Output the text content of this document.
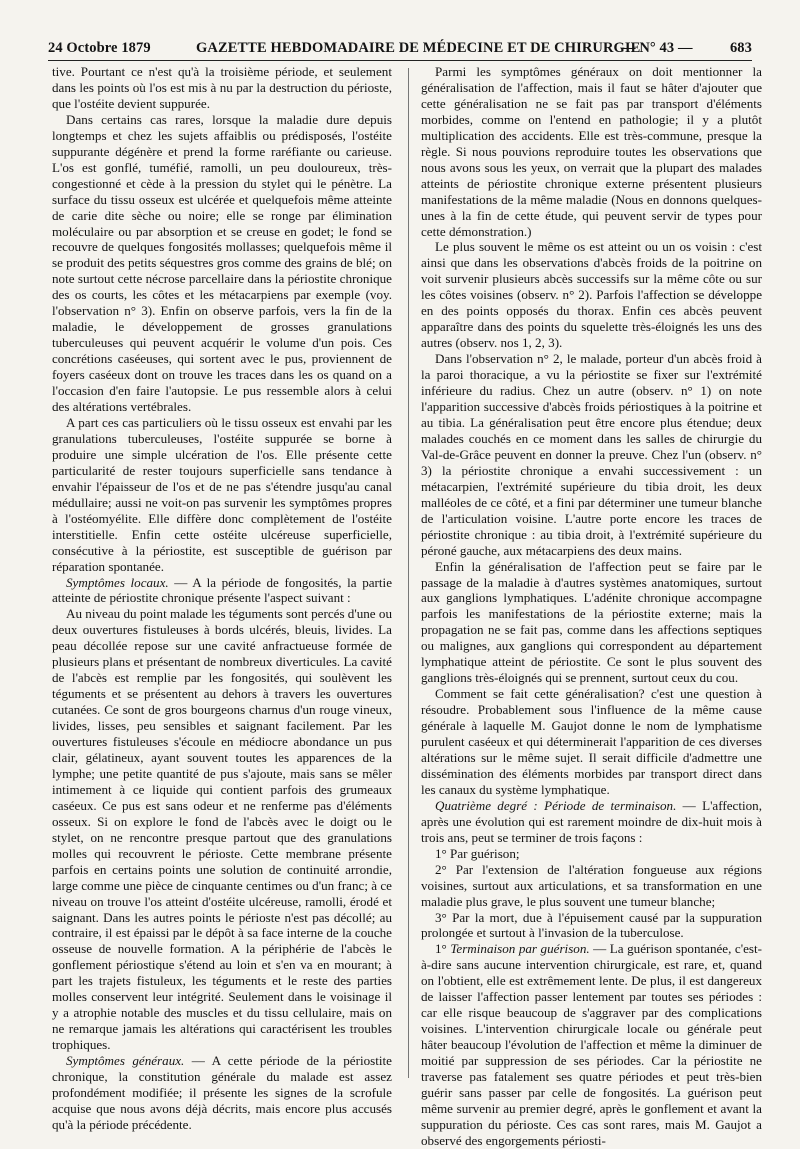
24 Octobre 1879	GAZETTE HEBDOMADAIRE DE MÉDECINE ET DE CHIRURGIE
— N° 43 —	683

tive. Pourtant ce n'est qu'à la troisième période, et seulement dans les points où l'os est mis à nu par la destruction du périoste, que l'ostéite devient suppurée.

Dans certains cas rares, lorsque la maladie dure depuis longtemps et chez les sujets affaiblis ou prédisposés, l'ostéite suppurante dégénère et prend la forme raréfiante ou carieuse. L'os est gonflé, tuméfié, ramolli, un peu douloureux, très-congestionné et cède à la pression du stylet qui le pénètre. La surface du tissu osseux est ulcérée et quelquefois même atteinte de carie dite sèche ou noire; elle se ronge par élimination moléculaire ou par absorption et se creuse en godet; le fond se recouvre de quelques fongosités mollasses; quelquefois même il se produit des petits séquestres gros comme des grains de blé; on note surtout cette nécrose parcellaire dans la périostite chronique des os courts, les côtes et les métacarpiens par exemple (voy. l'observation n° 3). Enfin on observe parfois, vers la fin de la maladie, le développement de grosses granulations tuberculeuses qui peuvent acquérir le volume d'un pois. Ces concrétions caséeuses, qui sortent avec le pus, proviennent de foyers caséeux dont on trouve les traces dans les os quand on a l'occasion d'en faire l'autopsie. Le pus ressemble alors à celui des altérations vertébrales.

A part ces cas particuliers où le tissu osseux est envahi par les granulations tuberculeuses, l'ostéite suppurée se borne à produire une simple ulcération de l'os. Elle présente cette particularité de rester toujours superficielle sans tendance à envahir l'épaisseur de l'os et de ne pas s'étendre jusqu'au canal médullaire; aussi ne voit-on pas survenir les symptômes propres à l'ostéomyélite. Elle diffère donc complètement de l'ostéite interstitielle. Enfin cette ostéite ulcéreuse superficielle, consécutive à la périostite, est susceptible de guérison par réparation spontanée.

Symptômes locaux. — A la période de fongosités, la partie atteinte de périostite chronique présente l'aspect suivant :

Au niveau du point malade les téguments sont percés d'une ou deux ouvertures fistuleuses à bords ulcérés, bleuis, livides. La peau décollée repose sur une cavité anfractueuse formée de plusieurs plans et présentant de nombreux diverticules. La cavité de l'abcès est remplie par les fongosités, qui soulèvent les téguments et se présentent au dehors à travers les ouvertures cutanées. Ce sont de gros bourgeons charnus d'un rouge vineux, livides, lisses, peu sensibles et saignant facilement. Par les ouvertures fistuleuses s'écoule en médiocre abondance un pus clair, gélatineux, ayant souvent toutes les apparences de la lymphe; une petite quantité de pus s'ajoute, mais sans se mêler intimement à ce liquide qui contient parfois des grumeaux caséeux. Ce pus est sans odeur et ne renferme pas d'éléments osseux. Si on explore le fond de l'abcès avec le doigt ou le stylet, on ne rencontre presque partout que des granulations molles qui recouvrent le périoste. Cette membrane présente parfois en certains points une solution de continuité arrondie, large comme une pièce de cinquante centimes ou d'un franc; à ce niveau on trouve l'os atteint d'ostéite ulcéreuse, ramolli, érodé et saignant. Dans les autres points le périoste n'est pas décollé; au contraire, il est épaissi par le dépôt à sa face interne de la couche osseuse de nouvelle formation. A la périphérie de l'abcès le gonflement périostique s'étend au loin et s'en va en mourant; à part les trajets fistuleux, les téguments et le reste des parties molles conservent leur intégrité. Seulement dans le voisinage il y a atrophie notable des muscles et du tissu cellulaire, mais on ne remarque jamais les altérations qui caractérisent les troubles trophiques.

Symptômes généraux. — A cette période de la périostite chronique, la constitution générale du malade est assez profondément modifiée; il présente les signes de la scrofule acquise que nous avons déjà décrits, mais encore plus accusés qu'à la période précédente.

Parmi les symptômes généraux on doit mentionner la généralisation de l'affection, mais il faut se hâter d'ajouter que cette généralisation ne se fait pas par transport d'éléments morbides, comme on l'entend en pathologie; il y a plutôt multiplication des accidents. Elle est très-commune, presque la règle. Si nous pouvions reproduire toutes les observations que nous avons sous les yeux, on verrait que la plupart des malades atteints de périostite chronique externe présentent plusieurs manifestations de la même maladie (Nous en donnons quelques-unes à la fin de cette étude, qui peuvent servir de types pour cette démonstration.)

Le plus souvent le même os est atteint ou un os voisin : c'est ainsi que dans les observations d'abcès froids de la poitrine on voit survenir plusieurs abcès successifs sur la même côte ou sur les côtes voisines (observ. n° 2). Parfois l'affection se développe en des points opposés du thorax. Enfin ces abcès peuvent apparaître dans des points du squelette très-éloignés les uns des autres (observ. nos 1, 2, 3).

Dans l'observation n° 2, le malade, porteur d'un abcès froid à la paroi thoracique, a vu la périostite se fixer sur l'extrémité inférieure du radius. Chez un autre (observ. n° 1) on note l'apparition successive d'abcès froids périostiques à la poitrine et au tibia. La généralisation peut être encore plus étendue; deux malades couchés en ce moment dans les salles de chirurgie du Val-de-Grâce peuvent en donner la preuve. Chez l'un (observ. n° 3) la périostite chronique a envahi successivement : un métacarpien, l'extrémité supérieure du tibia droit, les deux malléoles de ce côté, et a fini par déterminer une tumeur blanche de l'articulation voisine. L'autre porte encore les traces de périostite chronique : au tibia droit, à l'extrémité supérieure du péroné gauche, aux métacarpiens des deux mains.

Enfin la généralisation de l'affection peut se faire par le passage de la maladie à d'autres systèmes anatomiques, surtout aux ganglions lymphatiques. L'adénite chronique accompagne parfois les manifestations de la périostite externe; mais la propagation ne se fait pas, comme dans les affections septiques ou malignes, aux ganglions qui correspondent au département lymphatique atteint de périostite. Ce sont le plus souvent des ganglions très-éloignés qui se prennent, surtout ceux du cou.

Comment se fait cette généralisation? c'est une question à résoudre. Probablement sous l'influence de la même cause générale à laquelle M. Gaujot donne le nom de lymphatisme purulent caséeux et qui déterminerait l'apparition de ces diverses altérations sur le même sujet. Il serait difficile d'admettre une dissémination des éléments morbides par transport direct dans les canaux du système lymphatique.

Quatrième degré : Période de terminaison. — L'affection, après une évolution qui est rarement moindre de dix-huit mois à trois ans, peut se terminer de trois façons :

1° Par guérison;

2° Par l'extension de l'altération fongueuse aux régions voisines, surtout aux articulations, et sa transformation en une maladie plus grave, le plus souvent une tumeur blanche;

3° Par la mort, due à l'épuisement causé par la suppuration prolongée et surtout à l'invasion de la tuberculose.

1° Terminaison par guérison. — La guérison spontanée, c'est-à-dire sans aucune intervention chirurgicale, est rare, et, quand on l'obtient, elle est extrêmement lente. De plus, il est dangereux de laisser l'affection passer lentement par toutes ses périodes : car elle risque beaucoup de s'aggraver par des complications voisines. L'intervention chirurgicale locale ou générale peut hâter beaucoup l'évolution de l'affection et même la diminuer de moitié par suppression de ses périodes. Car la périostite ne traverse pas fatalement ses quatre périodes et peut très-bien guérir sans passer par celle de fongosités. La guérison peut même survenir au premier degré, après le gonflement et avant la suppuration du périoste. Ces cas sont rares, mais M. Gaujot a observé des engorgements périosti-
